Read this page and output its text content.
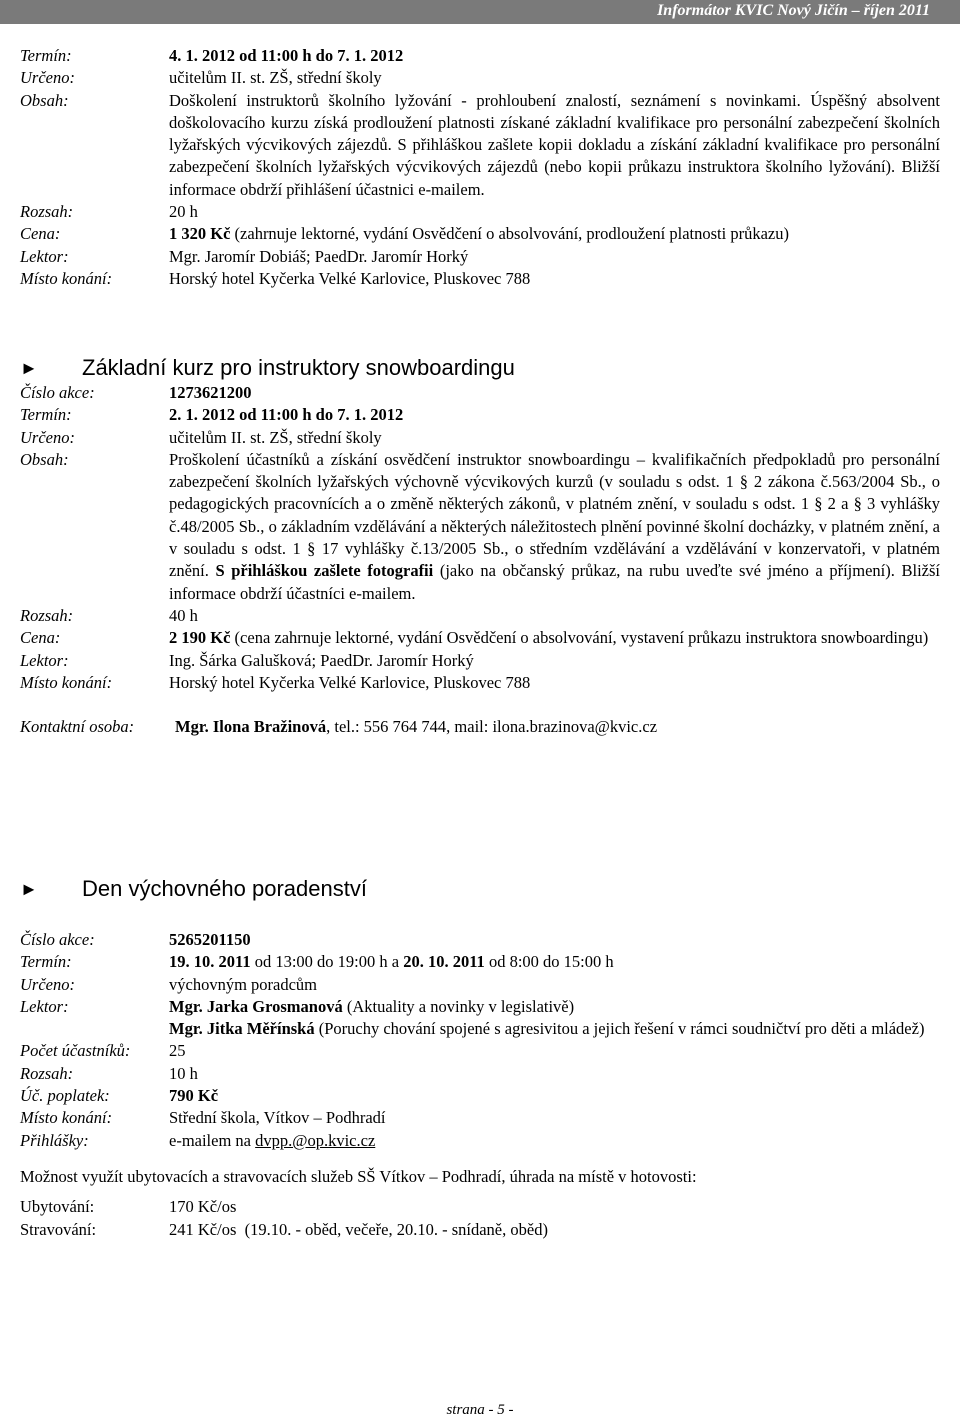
Informátor KVIC Nový Jičín – říjen 2011
Termín:	4. 1. 2012 od 11:00 h do 7. 1. 2012
Určeno:	učitelům II. st. ZŠ, střední školy
Obsah:	Doškolení instruktorů školního lyžování - prohloubení znalostí, seznámení s novinkami. Úspěšný absolvent doškolovacího kurzu získá prodloužení platnosti získané základní kvalifikace pro personální zabezpečení školních lyžařských výcvikových zájezdů. S přihláškou zašlete kopii dokladu a získání základní kvalifikace pro personální zabezpečení školních lyžařských výcvikových zájezdů (nebo kopii průkazu instruktora školního lyžování). Bližší informace obdrží přihlášení účastnici e-mailem.
Rozsah:	20 h
Cena:	1 320 Kč (zahrnuje lektorné, vydání Osvědčení o absolvování, prodloužení platnosti průkazu)
Lektor:	Mgr. Jaromír Dobiáš; PaedDr. Jaromír Horký
Místo konání:	Horský hotel Kyčerka Velké Karlovice, Pluskovec 788
►	Základní kurz pro instruktory snowboardingu
Číslo akce:	1273621200
Termín:	2. 1. 2012 od 11:00 h do 7. 1. 2012
Určeno:	učitelům II. st. ZŠ, střední školy
Obsah:	Proškolení účastníků a získání osvědčení instruktor snowboardingu – kvalifikačních předpokladů pro personální zabezpečení školních lyžařských výchovně výcvikových kurzů (v souladu s odst. 1 § 2 zákona č.563/2004 Sb., o pedagogických pracovnících a o změně některých zákonů, v platném znění, v souladu s odst. 1 § 2 a § 3 vyhlášky č.48/2005 Sb., o základním vzdělávání a některých náležitostech plnění povinné školní docházky, v platném znění, a v souladu s odst. 1 § 17 vyhlášky č.13/2005 Sb., o středním vzdělávání a vzdělávání v konzervatoři, v platném znění. S přihláškou zašlete fotografii (jako na občanský průkaz, na rubu uveďte své jméno a příjmení). Bližší informace obdrží účastníci e-mailem.
Rozsah:	40 h
Cena:	2 190 Kč (cena zahrnuje lektorné, vydání Osvědčení o absolvování, vystavení průkazu instruktora snowboardingu)
Lektor:	Ing. Šárka Galušková; PaedDr. Jaromír Horký
Místo konání:	Horský hotel Kyčerka Velké Karlovice, Pluskovec 788
Kontaktní osoba:	Mgr. Ilona Bražinová, tel.: 556 764 744, mail: ilona.brazinova@kvic.cz
►	Den výchovného poradenství
Číslo akce:	5265201150
Termín:	19. 10. 2011 od 13:00 do 19:00 h a 20. 10. 2011 od 8:00 do 15:00 h
Určeno:	výchovným poradcům
Lektor:	Mgr. Jarka Grosmanová (Aktuality a novinky v legislativě)
Mgr. Jitka Měřínská (Poruchy chování spojené s agresivitou a jejich řešení v rámci soudničtví pro děti a mládež)
Počet účastníků:	25
Rozsah:	10 h
Úč. poplatek:	790 Kč
Místo konání:	Střední škola, Vítkov – Podhradí
Přihlášky:	e-mailem na dvpp.@op.kvic.cz
Možnost využít ubytovacích a stravovacích služeb SŠ Vítkov – Podhradí, úhrada na místě v hotovosti:
Ubytování:	170 Kč/os
Stravování:	241 Kč/os  (19.10. - oběd, večeře, 20.10. - snídaně, oběd)
strana - 5 -
